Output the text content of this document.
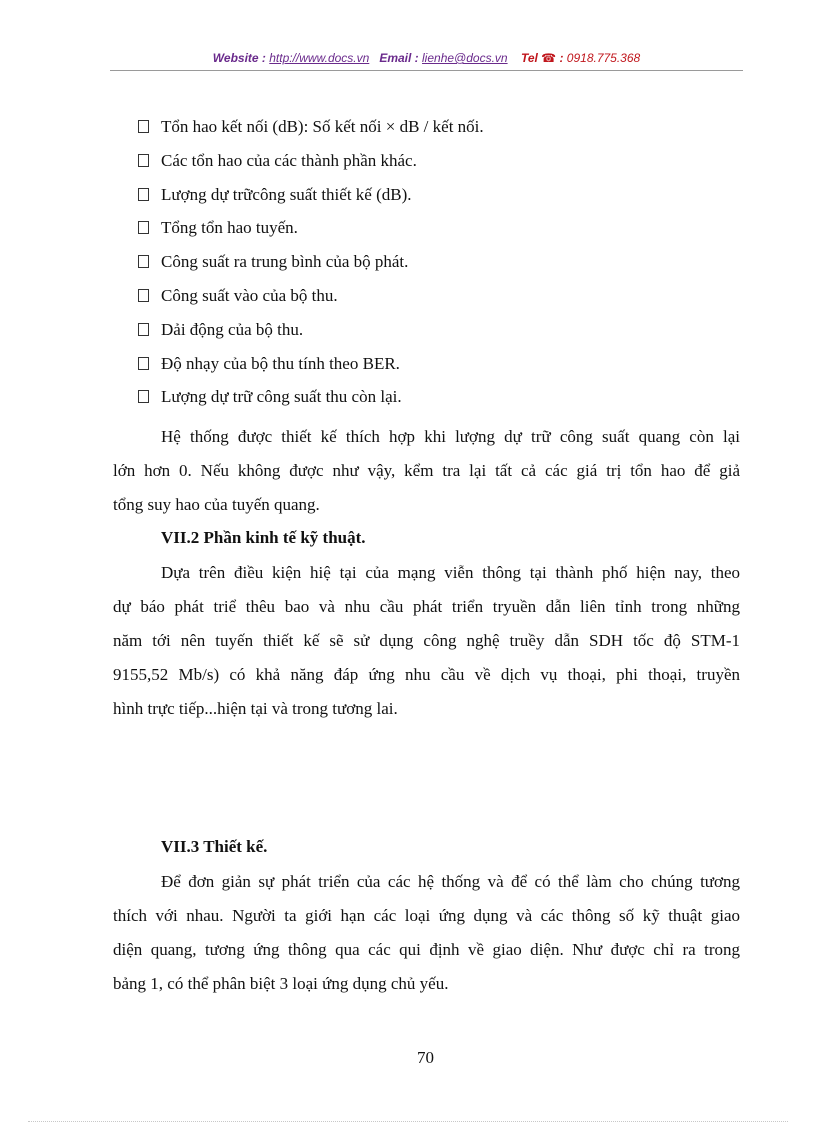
Website : http://www.docs.vn Email : lienhe@docs.vn Tel ☎ : 0918.775.368
Tổn hao kết nối (dB): Số kết nối × dB / kết nối.
Các tổn hao của các thành phần khác.
Lượng dự trữcông suất thiết kế (dB).
Tổng tổn hao tuyến.
Công suất ra trung bình của bộ phát.
Công suất vào của bộ thu.
Dải động của bộ thu.
Độ nhạy của bộ thu tính theo BER.
Lượng dự trữ công suất thu còn lại.
Hệ thống được thiết kế thích hợp khi lượng dự trữ công suất quang còn lại
lớn hơn 0. Nếu không được như vậy, kểm tra lại tất cả các giá trị tổn hao để giả
tổng suy hao của tuyến quang.
VII.2 Phần kinh tế kỹ thuật.
Dựa trên điều kiện hiệ tại của mạng viễn thông tại thành phố hiện nay, theo
dự báo phát triể thêu bao và nhu cầu phát triển tryuền dẫn liên tỉnh trong những
năm tới nên tuyến thiết kế sẽ sử dụng công nghệ truềy dẫn SDH tốc độ STM-1
9155,52 Mb/s) có khả năng đáp ứng nhu cầu về dịch vụ thoại, phi thoại, truyền
hình trực tiếp...hiện tại và trong tương lai.
VII.3 Thiết kế.
Để đơn giản sự phát triển của các hệ thống và để có thể làm cho chúng tương
thích với nhau. Người ta giới hạn các loại ứng dụng và các thông số kỹ thuật giao
diện quang, tương ứng thông qua các qui định về giao diện. Như được chỉ ra trong
bảng 1, có thể phân biệt 3 loại ứng dụng chủ yếu.
70
